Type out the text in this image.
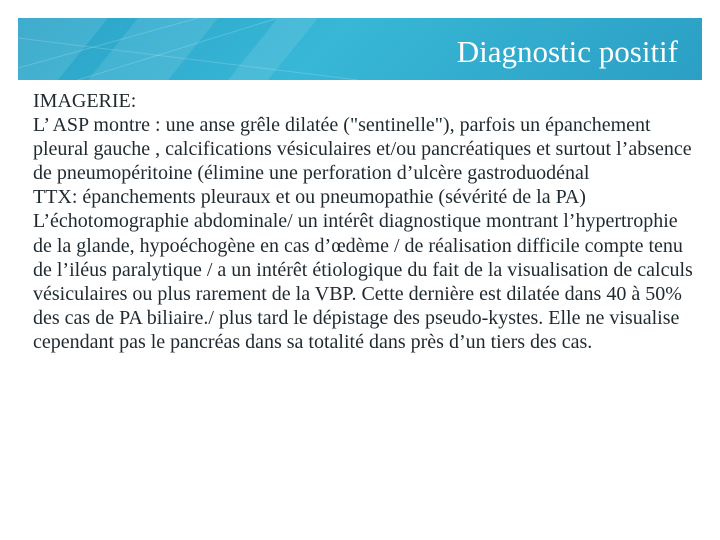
Diagnostic positif

IMAGERIE:

L’ ASP montre : une anse grêle dilatée ("sentinelle"), parfois un épanchement pleural gauche , calcifications vésiculaires et/ou pancréatiques et surtout l’absence de pneumopéritoine (élimine une perforation d’ulcère gastroduodénal

TTX: épanchements pleuraux et ou pneumopathie (sévérité de la PA)

L’échotomographie abdominale/ un intérêt diagnostique montrant l’hypertrophie de la glande, hypoéchogène en cas d’œdème / de réalisation difficile compte tenu de l’iléus paralytique / a un intérêt étiologique du fait de la visualisation de calculs vésiculaires ou plus rarement de la VBP. Cette dernière est dilatée dans 40 à 50% des cas de PA biliaire./ plus tard le dépistage des pseudo-kystes. Elle ne visualise cependant pas le pancréas dans sa totalité dans près d’un tiers des cas.
